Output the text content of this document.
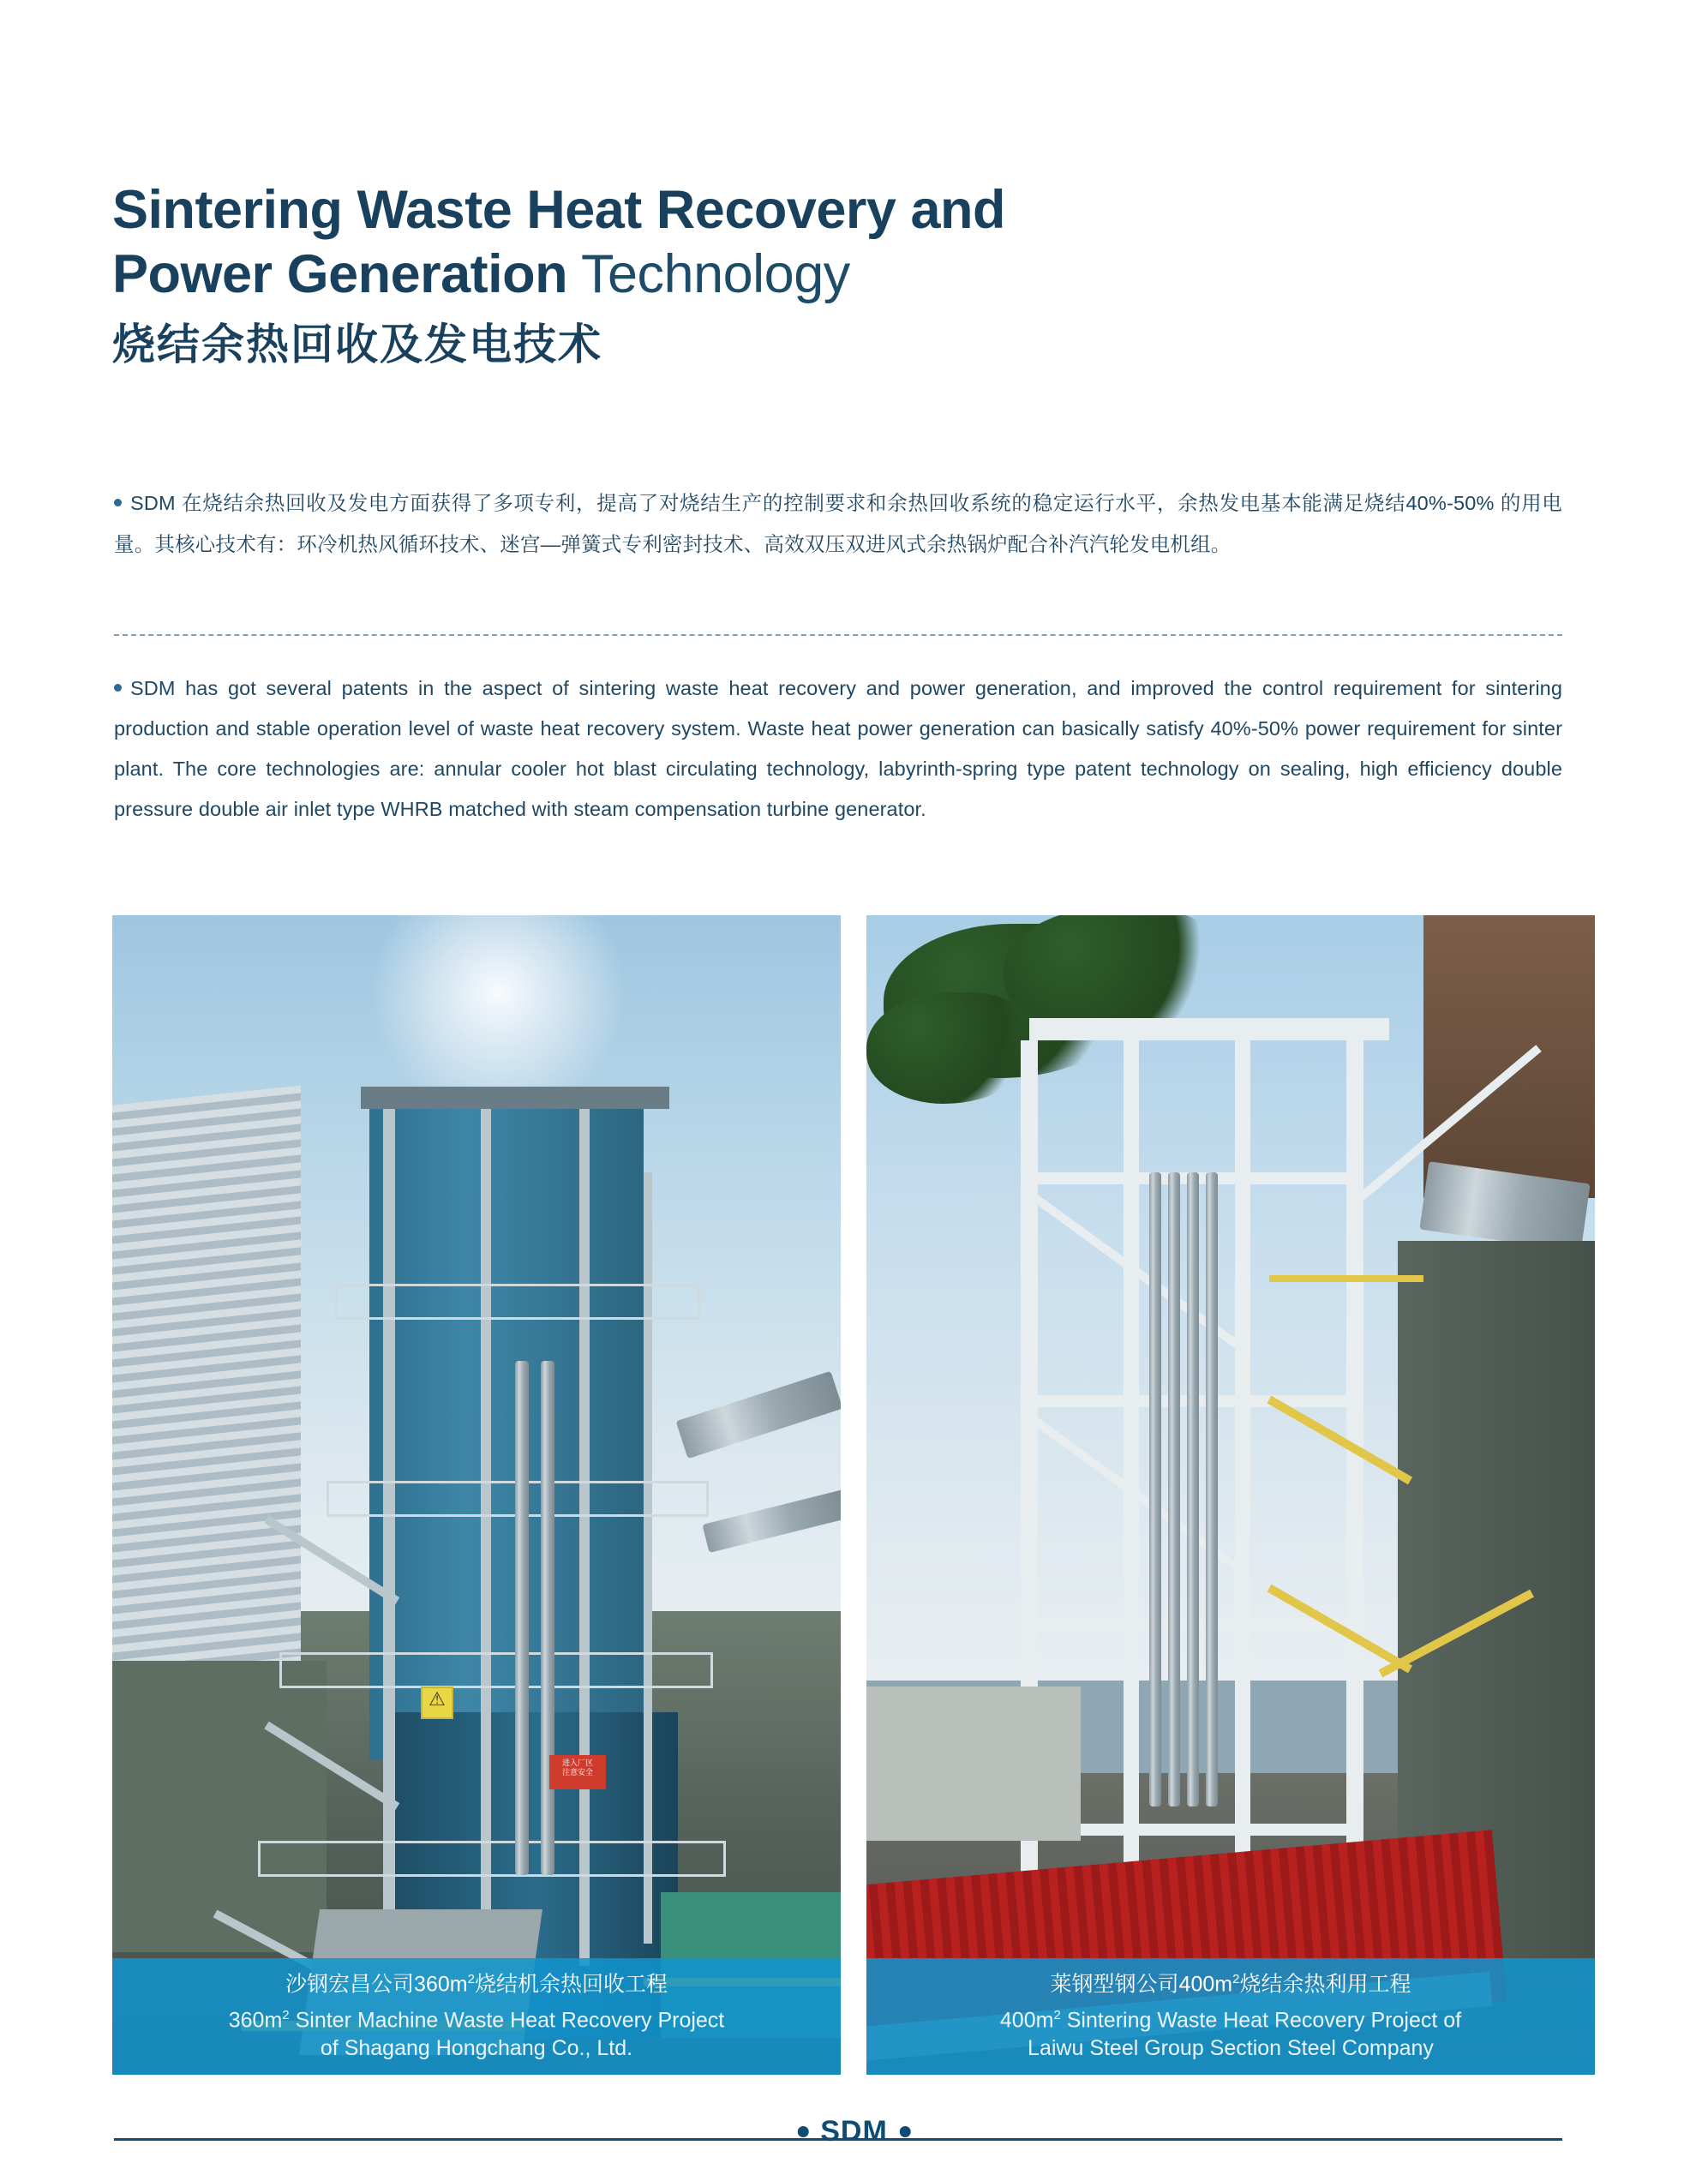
Sintering Waste Heat Recovery and
Power Generation Technology
烧结余热回收及发电技术
SDM 在烧结余热回收及发电方面获得了多项专利，提高了对烧结生产的控制要求和余热回收系统的稳定运行水平，余热发电基本能满足烧结40%-50% 的用电量。其核心技术有：环冷机热风循环技术、迷宫—弹簧式专利密封技术、高效双压双进风式余热锅炉配合补汽汽轮发电机组。
SDM has got several patents in the aspect of sintering waste heat recovery and power generation, and improved the control requirement for sintering production and stable operation level of waste heat recovery system. Waste heat power generation can basically satisfy 40%-50% power requirement for sinter plant. The core technologies are: annular cooler hot blast circulating technology, labyrinth-spring type patent technology on sealing, high efficiency double pressure double air inlet type WHRB matched with steam compensation turbine generator.
⚠
进入厂区
注意安全
沙钢宏昌公司$360m^2$烧结机余热回收工程
$360m^2$ Sinter Machine Waste Heat Recovery Project
of Shagang Hongchang Co., Ltd.
莱钢型钢公司$400m^2$烧结余热利用工程
$400m^2$ Sintering Waste Heat Recovery Project of
Laiwu Steel Group Section Steel Company
SDM
